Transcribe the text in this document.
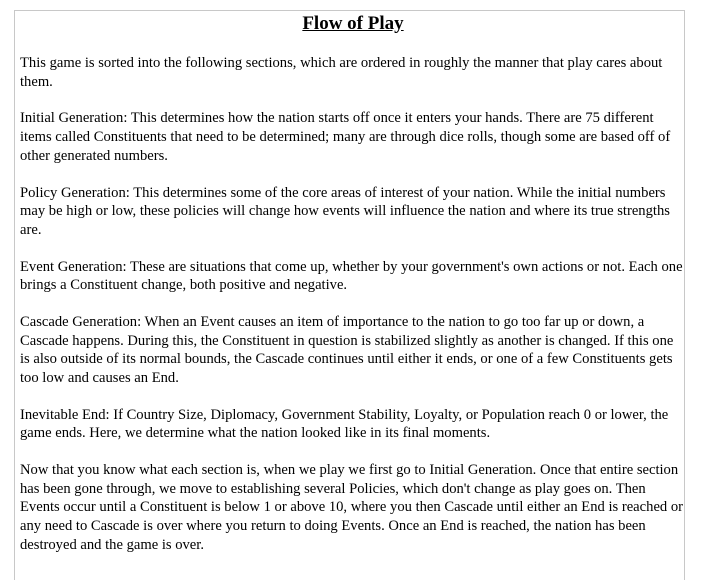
Flow of Play

This game is sorted into the following sections, which are ordered in roughly the manner that play cares about them.

Initial Generation: This determines how the nation starts off once it enters your hands. There are 75 different items called Constituents that need to be determined; many are through dice rolls, though some are based off of other generated numbers.

Policy Generation: This determines some of the core areas of interest of your nation. While the initial numbers may be high or low, these policies will change how events will influence the nation and where its true strengths are.

Event Generation: These are situations that come up, whether by your government's own actions or not. Each one brings a Constituent change, both positive and negative.

Cascade Generation: When an Event causes an item of importance to the nation to go too far up or down, a Cascade happens. During this, the Constituent in question is stabilized slightly as another is changed. If this one is also outside of its normal bounds, the Cascade continues until either it ends, or one of a few Constituents gets too low and causes an End.

Inevitable End: If Country Size, Diplomacy, Government Stability, Loyalty, or Population reach 0 or lower, the game ends. Here, we determine what the nation looked like in its final moments.

Now that you know what each section is, when we play we first go to Initial Generation. Once that entire section has been gone through, we move to establishing several Policies, which don't change as play goes on. Then Events occur until a Constituent is below 1 or above 10, where you then Cascade until either an End is reached or any need to Cascade is over where you return to doing Events. Once an End is reached, the nation has been destroyed and the game is over.
